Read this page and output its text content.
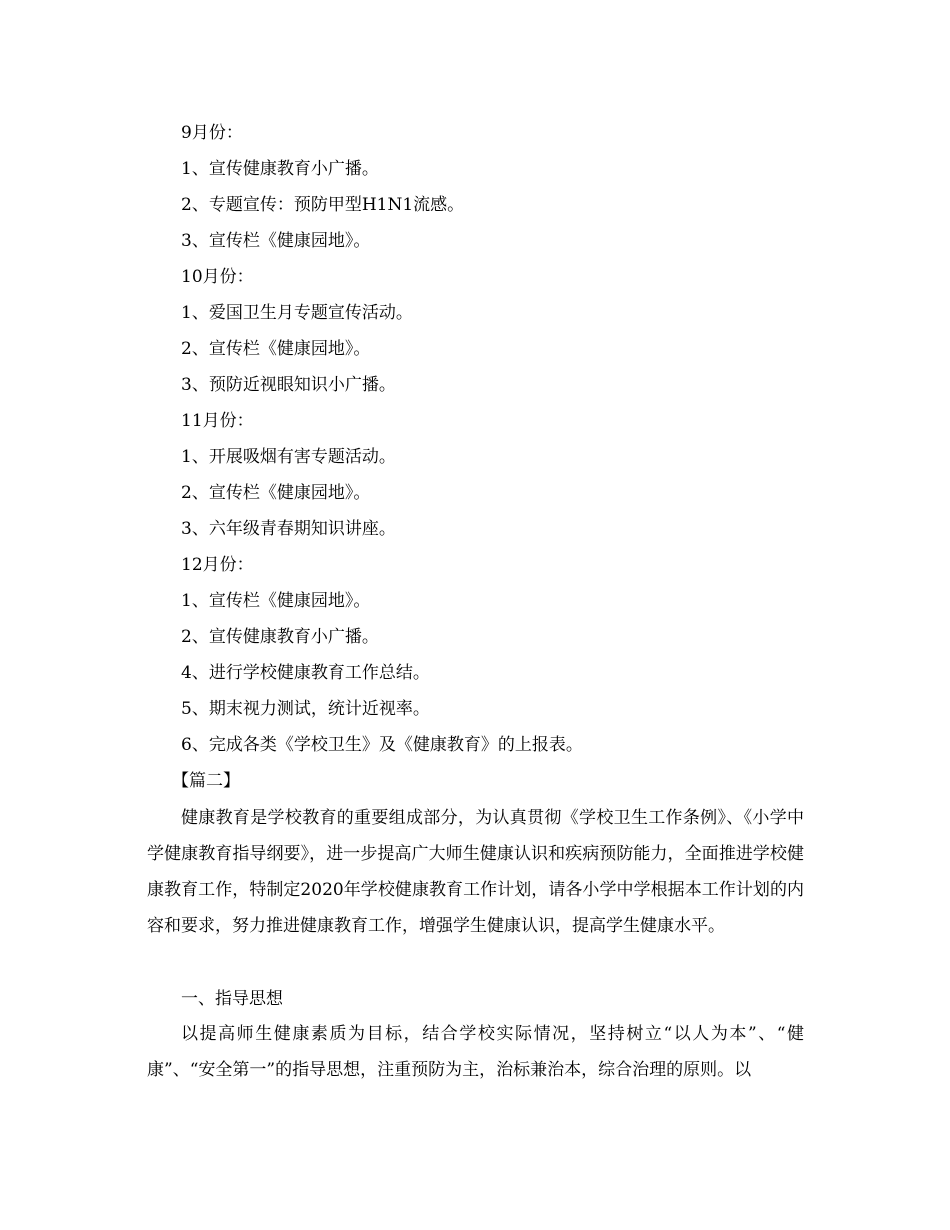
9月份：
1、宣传健康教育小广播。
2、专题宣传：预防甲型H1N1流感。
3、宣传栏《健康园地》。
10月份：
1、爱国卫生月专题宣传活动。
2、宣传栏《健康园地》。
3、预防近视眼知识小广播。
11月份：
1、开展吸烟有害专题活动。
2、宣传栏《健康园地》。
3、六年级青春期知识讲座。
12月份：
1、宣传栏《健康园地》。
2、宣传健康教育小广播。
4、进行学校健康教育工作总结。
5、期末视力测试，统计近视率。
6、完成各类《学校卫生》及《健康教育》的上报表。
【篇二】
健康教育是学校教育的重要组成部分，为认真贯彻《学校卫生工作条例》、《小学中学健康教育指导纲要》，进一步提高广大师生健康认识和疾病预防能力，全面推进学校健康教育工作，特制定2020年学校健康教育工作计划，请各小学中学根据本工作计划的内容和要求，努力推进健康教育工作，增强学生健康认识，提高学生健康水平。
一、指导思想
以提高师生健康素质为目标，结合学校实际情况，坚持树立“以人为本”、“健康”、“安全第一”的指导思想，注重预防为主，治标兼治本，综合治理的原则。以
